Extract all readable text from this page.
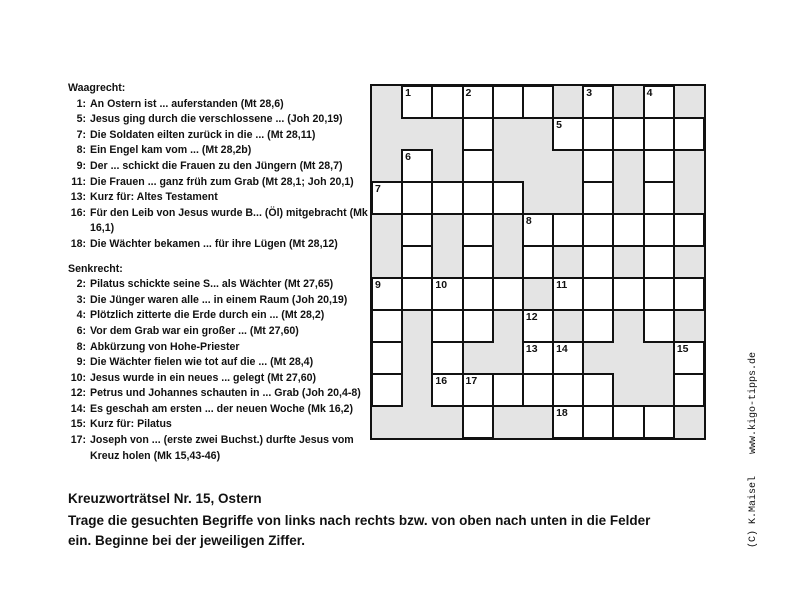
Waagrecht:
1: An Ostern ist ... auferstanden (Mt 28,6)
5: Jesus ging durch die verschlossene ... (Joh 20,19)
7: Die Soldaten eilten zurück in die ... (Mt 28,11)
8: Ein Engel kam vom ... (Mt 28,2b)
9: Der ... schickt die Frauen zu den Jüngern (Mt 28,7)
11: Die Frauen ... ganz früh zum Grab (Mt 28,1; Joh 20,1)
13: Kurz für: Altes Testament
16: Für den Leib von Jesus wurde B... (Öl) mitgebracht (Mk 16,1)
18: Die Wächter bekamen ... für ihre Lügen (Mt 28,12)
Senkrecht:
2: Pilatus schickte seine S... als Wächter (Mt 27,65)
3: Die Jünger waren alle ... in einem Raum (Joh 20,19)
4: Plötzlich zitterte die Erde durch ein ... (Mt 28,2)
6: Vor dem Grab war ein großer ... (Mt 27,60)
8: Abkürzung von Hohe-Priester
9: Die Wächter fielen wie tot auf die ... (Mt 28,4)
10: Jesus wurde in ein neues ... gelegt (Mt 27,60)
12: Petrus und Johannes schauten in ... Grab (Joh 20,4-8)
14: Es geschah am ersten ... der neuen Woche (Mk 16,2)
15: Kurz für: Pilatus
17: Joseph von ... (erste zwei Buchst.) durfte Jesus vom Kreuz holen (Mk 15,43-46)
1	2	3	4
5
6
7
8
9	10	11
12
13 14	15
16 17
18
Kreuzworträtsel Nr. 15, Ostern
Trage die gesuchten Begriffe von links nach rechts bzw. von oben nach unten in die Felder ein. Beginne bei der jeweiligen Ziffer.	(C) K.Maisel www.kigo-tipps.de
